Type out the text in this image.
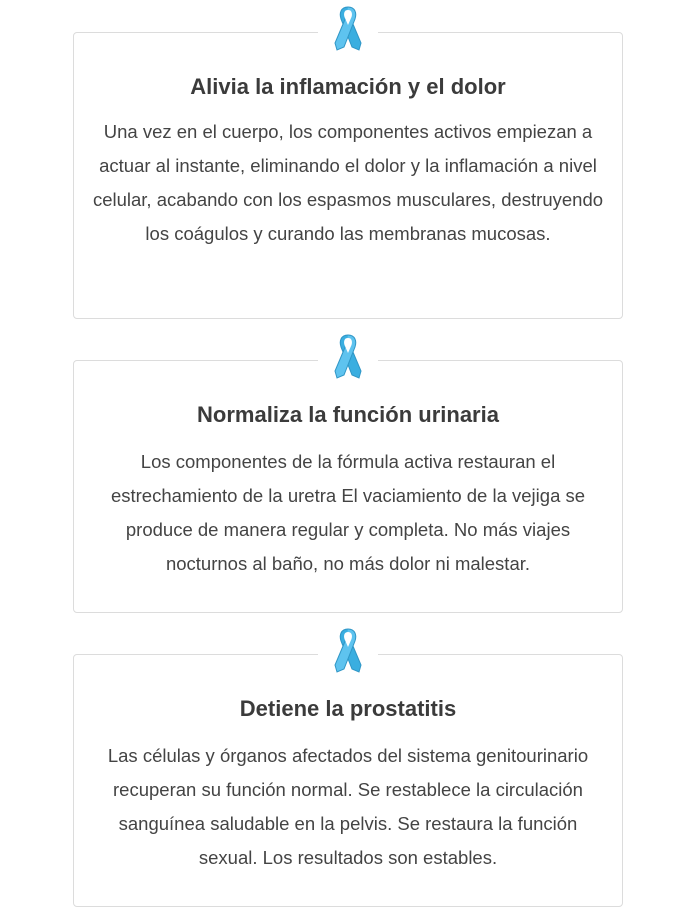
Alivia la inflamación y el dolor

Una vez en el cuerpo, los componentes activos empiezan a actuar al instante, eliminando el dolor y la inflamación a nivel celular, acabando con los espasmos musculares, destruyendo los coágulos y curando las membranas mucosas.

Normaliza la función urinaria

Los componentes de la fórmula activa restauran el estrechamiento de la uretra El vaciamiento de la vejiga se produce de manera regular y completa. No más viajes nocturnos al baño, no más dolor ni malestar.

Detiene la prostatitis

Las células y órganos afectados del sistema genitourinario recuperan su función normal. Se restablece la circulación sanguínea saludable en la pelvis. Se restaura la función sexual. Los resultados son estables.
